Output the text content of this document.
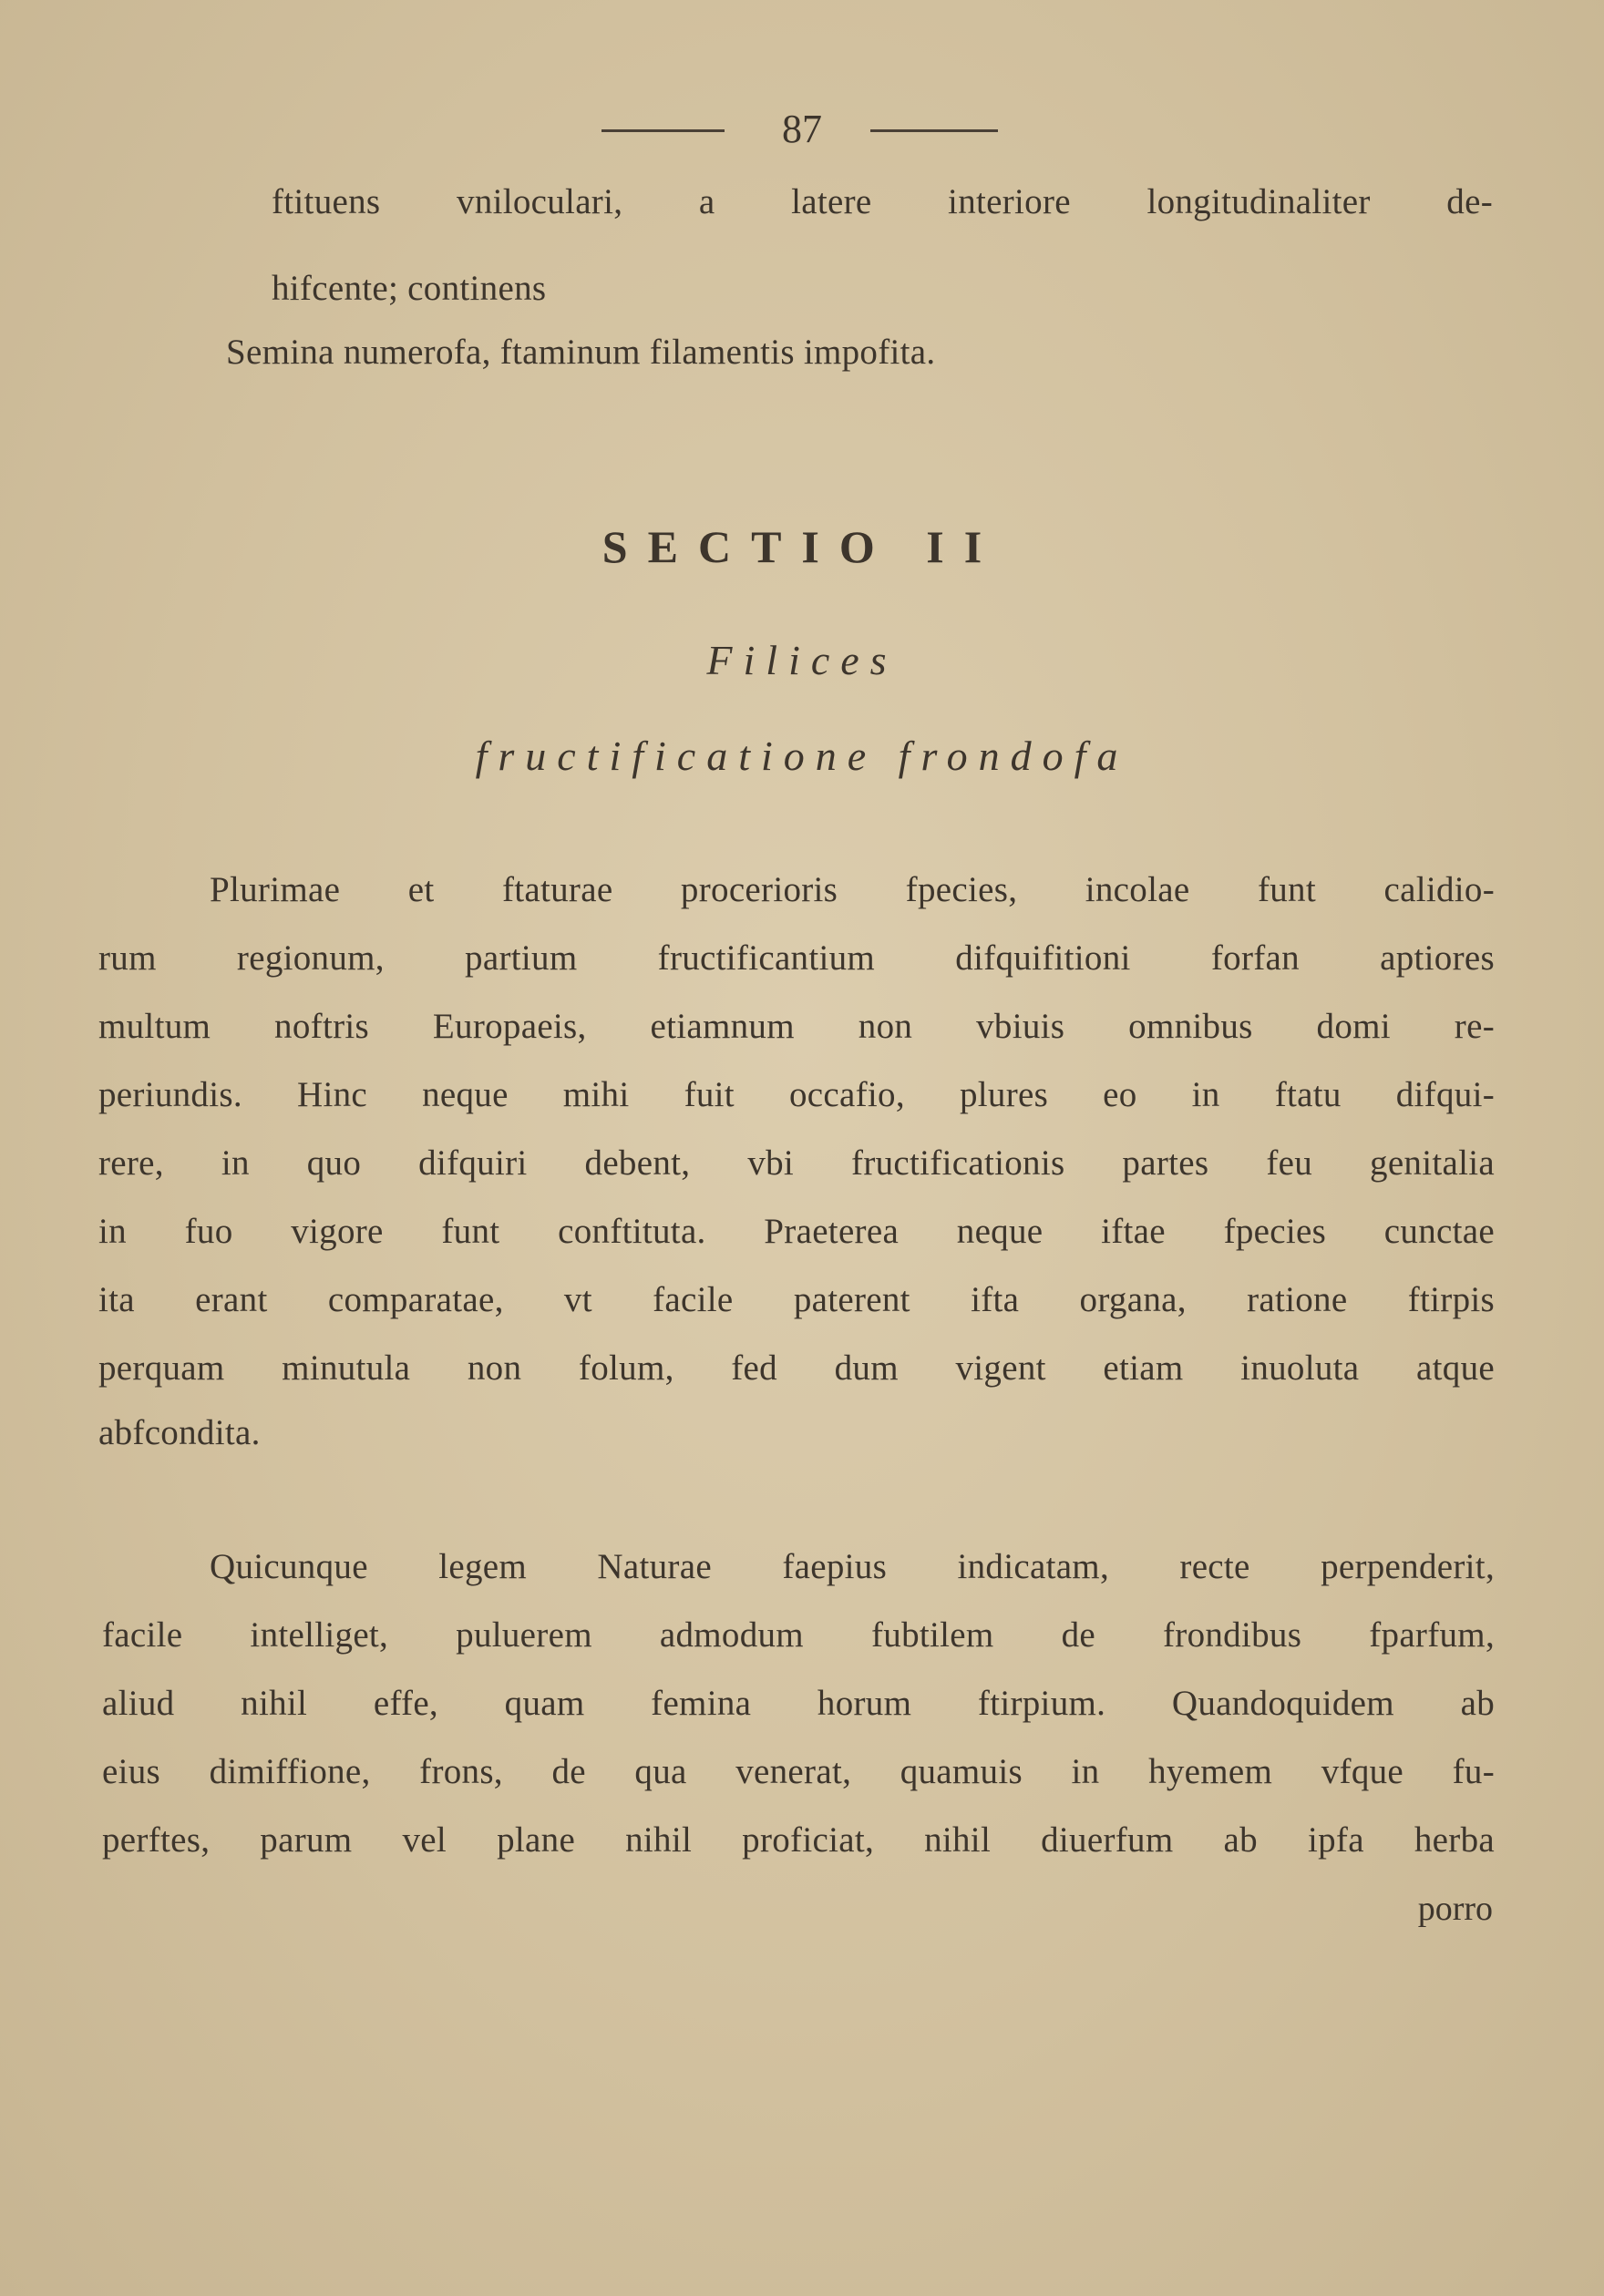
87
ftituens vniloculari, a latere interiore longitudinaliter de-
hifcente; continens
Semina numerofa, ftaminum filamentis impofita.
SECTIO II
Filices
fructificatione frondofa
Plurimae et ftaturae procerioris fpecies, incolae funt calidio-
rum regionum, partium fructificantium difquifitioni forfan aptiores
multum noftris Europaeis, etiamnum non vbiuis omnibus domi re-
periundis. Hinc neque mihi fuit occafio, plures eo in ftatu difqui-
rere, in quo difquiri debent, vbi fructificationis partes feu genitalia
in fuo vigore funt conftituta. Praeterea neque iftae fpecies cunctae
ita erant comparatae, vt facile paterent ifta organa, ratione ftirpis
perquam minutula non folum, fed dum vigent etiam inuoluta atque
abfcondita.
Quicunque legem Naturae faepius indicatam, recte perpenderit,
facile intelliget, puluerem admodum fubtilem de frondibus fparfum,
aliud nihil effe, quam femina horum ftirpium. Quandoquidem ab
eius dimiffione, frons, de qua venerat, quamuis in hyemem vfque fu-
perftes, parum vel plane nihil proficiat, nihil diuerfum ab ipfa herba
porro
